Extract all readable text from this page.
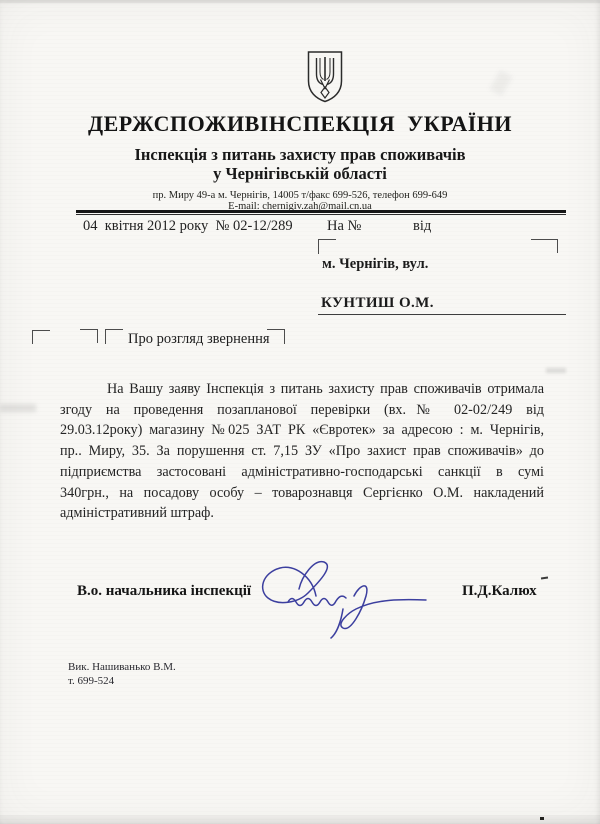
ДЕРЖСПОЖИВІНСПЕКЦІЯ  УКРАЇНИ
Інспекція з питань захисту прав споживачів
у Чернігівській області
пр. Миру 49-а м. Чернігів, 14005 т/факс 699-526, телефон 699-649
E-mail: chernigiv.zah@mail.cn.ua
04  квітня 2012 року  № 02-12/289 На №	від
м. Чернігів, вул.
КУНТИШ О.М.
Про розгляд звернення
На Вашу заяву Інспекція з питань захисту прав споживачів отримала
згоду на проведення позапланової перевірки (вх.№ 02-02/249 від
29.03.12року) магазину №025 ЗАТ РК «Євротек» за адресою : м. Чернігів,
пр.. Миру, 35. За порушення ст. 7,15 ЗУ «Про захист прав споживачів» до
підприємства застосовані адміністративно-господарські санкції в сумі
340грн., на посадову особу – товарознавця Сергієнко О.М. накладений
адміністративний штраф.
В.о. начальника інспекції	П.Д.Калюх
Вик. Нашиванько В.М.
т. 699-524
